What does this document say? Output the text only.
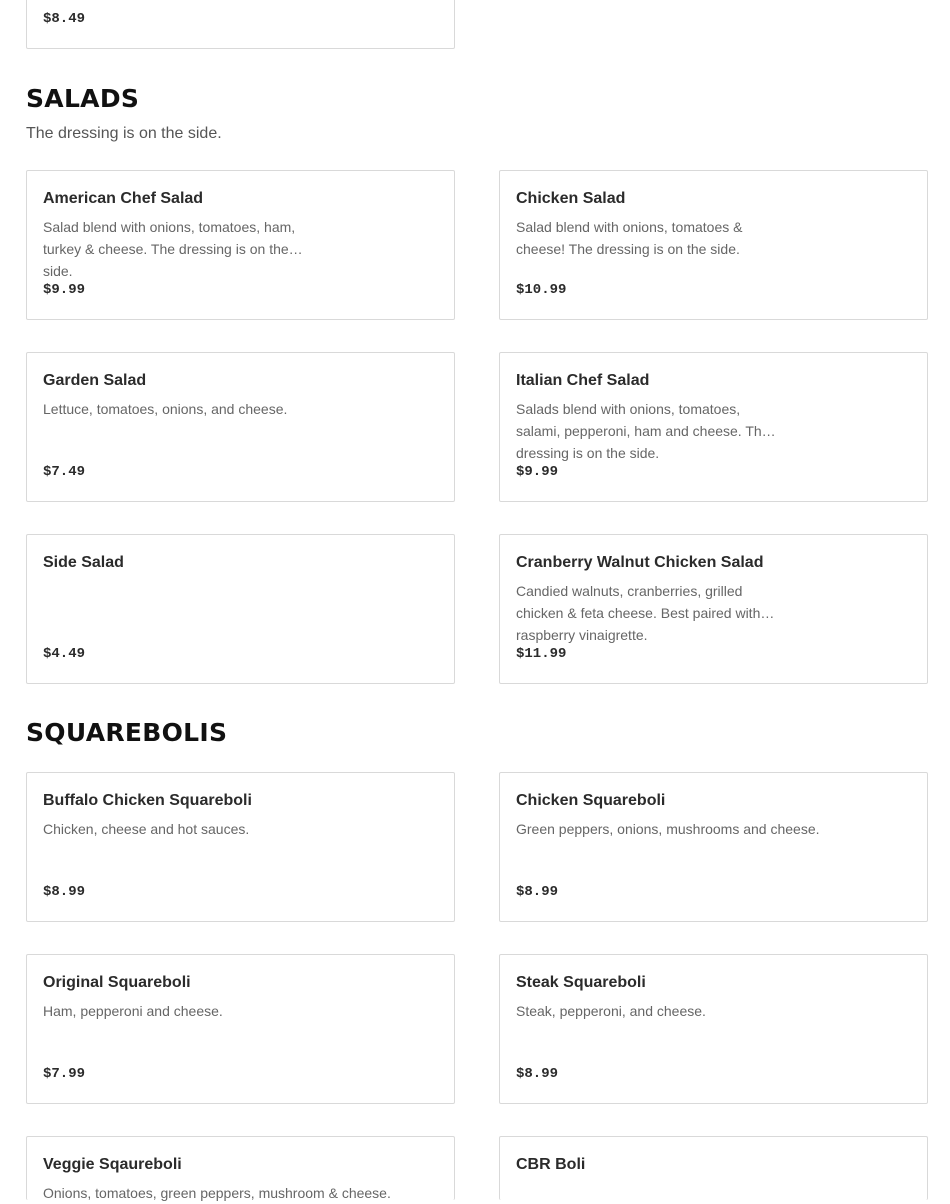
$8.49
SALADS

The dressing is on the side.

American Chef Salad
Salad blend with onions, tomatoes, ham, turkey & cheese. The dressing is on the side.
$9.99
Chicken Salad
Salad blend with onions, tomatoes & cheese! The dressing is on the side.
$10.99
Garden Salad
Lettuce, tomatoes, onions, and cheese.
$7.49
Italian Chef Salad
Salads blend with onions, tomatoes, salami, pepperoni, ham and cheese. The dressing is on the side.
$9.99
Side Salad
$4.49
Cranberry Walnut Chicken Salad
Candied walnuts, cranberries, grilled chicken & feta cheese. Best paired with raspberry vinaigrette.
$11.99
SQUAREBOLIS
Buffalo Chicken Squareboli
Chicken, cheese and hot sauces.
$8.99
Chicken Squareboli
Green peppers, onions, mushrooms and cheese.
$8.99
Original Squareboli
Ham, pepperoni and cheese.
$7.99
Steak Squareboli
Steak, pepperoni, and cheese.
$8.99
Veggie Sqaureboli
Onions, tomatoes, green peppers, mushroom & cheese.
CBR Boli
